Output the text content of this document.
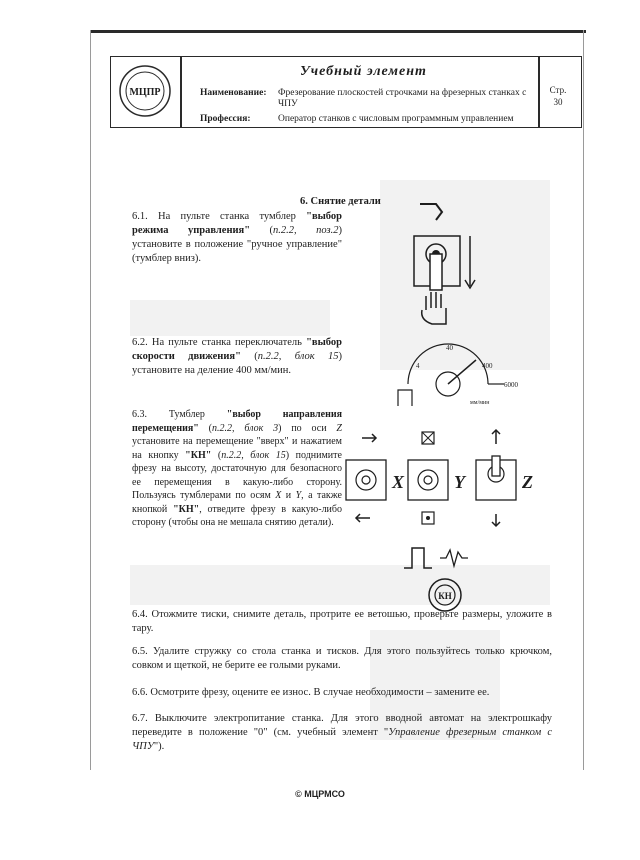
МЦПР
Учебный элемент
Наименование: Фрезерование плоскостей строчками на фрезерных станках с ЧПУ
Профессия:	Оператор станков с числовым программным управлением
Стр.
30
6. Снятие детали
6.1. На пульте станка тумблер "выбор режима управления" (п.2.2, поз.2) установите в положение "ручное управление" (тумблер вниз).
6.2. На пульте станка переключатель "выбор скорости движения" (п.2.2, блок 15) установите на деление 400 мм/мин.
6.3. Тумблер "выбор направления перемещения" (п.2.2, блок 3) по оси Z установите на перемещение "вверх" и нажатием на кнопку "КН" (п.2.2, блок 15) поднимите фрезу на высоту, достаточную для безопасного ее перемещения в какую-либо сторону. Пользуясь тумблерами по осям X и Y, а также кнопкой "КН", отведите фрезу в какую-либо сторону (чтобы она не мешала снятию детали).
6.4. Отожмите тиски, снимите деталь, протрите ее ветошью, проверьте размеры, уложите в тару.
6.5. Удалите стружку со стола станка и тисков. Для этого пользуйтесь только крючком, совком и щеткой, не берите ее голыми руками.
6.6. Осмотрите фрезу, оцените ее износ. В случае необходимости – замените ее.
6.7. Выключите электропитание станка. Для этого вводной автомат на электрошкафу переведите в положение "0" (см. учебный элемент "Управление фрезерным станком с ЧПУ").
4
40
400
6000
мм/мин
X	Y	Z
КН
© МЦРМСО
